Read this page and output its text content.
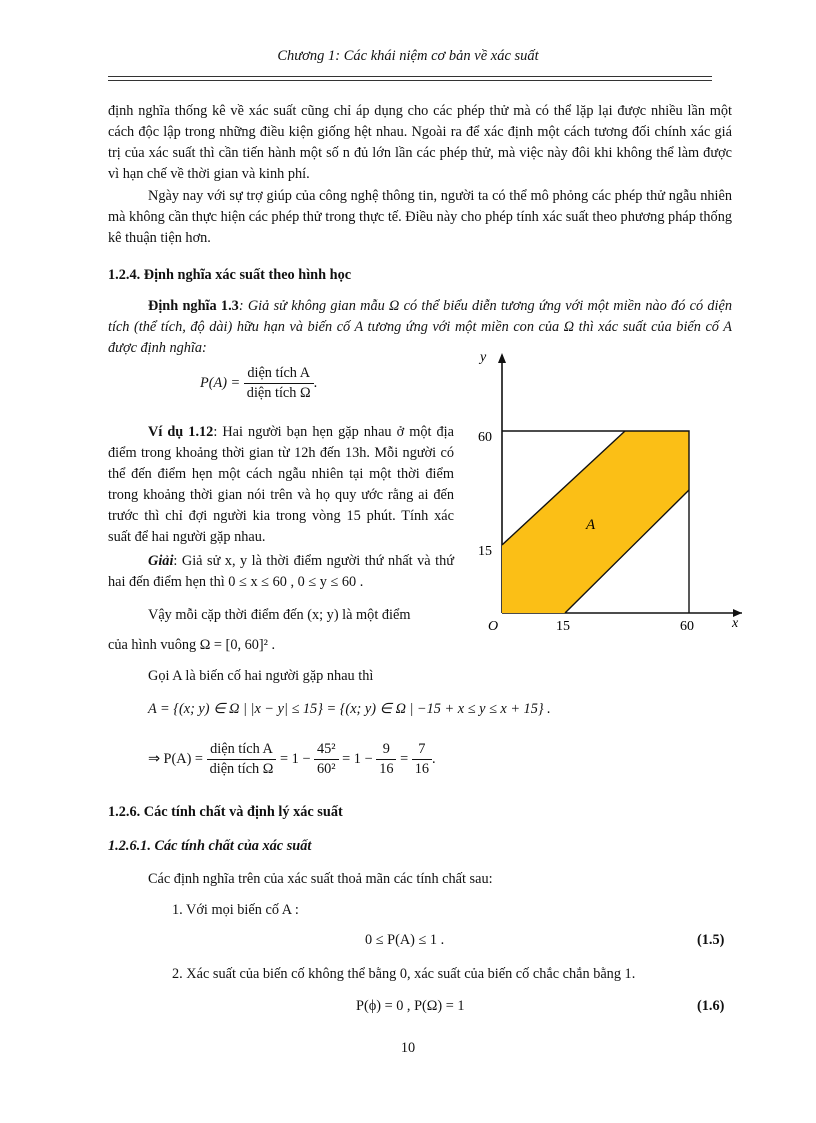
Chương 1: Các khái niệm cơ bản về xác suất
định nghĩa thống kê về xác suất cũng chỉ áp dụng cho các phép thử mà có thể lặp lại được nhiều lần một cách độc lập trong những điều kiện giống hệt nhau. Ngoài ra để xác định một cách tương đối chính xác giá trị của xác suất thì cần tiến hành một số n đủ lớn lần các phép thử, mà việc này đôi khi không thể làm được vì hạn chế về thời gian và kinh phí.
Ngày nay với sự trợ giúp của công nghệ thông tin, người ta có thể mô phỏng các phép thử ngẫu nhiên mà không cần thực hiện các phép thử trong thực tế. Điều này cho phép tính xác suất theo phương pháp thống kê thuận tiện hơn.
1.2.4. Định nghĩa xác suất theo hình học
Định nghĩa 1.3: Giả sử không gian mẫu Ω có thể biểu diễn tương ứng với một miền nào đó có diện tích (thể tích, độ dài) hữu hạn và biến cố A tương ứng với một miền con của Ω thì xác suất của biến cố A được định nghĩa:
$P(A) = \frac{\text{diện tích A}}{\text{diện tích Ω}}$ .
Ví dụ 1.12: Hai người bạn hẹn gặp nhau ở một địa điểm trong khoảng thời gian từ 12h đến 13h. Mỗi người có thể đến điểm hẹn một cách ngẫu nhiên tại một thời điểm trong khoảng thời gian nói trên và họ quy ước rằng ai đến trước thì chỉ đợi người kia trong vòng 15 phút. Tính xác suất để hai người gặp nhau.
Giải: Giả sử x, y là thời điểm người thứ nhất và thứ hai đến điểm hẹn thì 0 ≤ x ≤ 60 , 0 ≤ y ≤ 60 .
Vậy mỗi cặp thời điểm đến (x; y) là một điểm
của hình vuông Ω = [0, 60]² .
y
x
O
60
15
15	60
A
Gọi A là biến cố hai người gặp nhau thì
A = {(x; y) ∈ Ω | |x − y| ≤ 15} = {(x; y) ∈ Ω | −15 + x ≤ y ≤ x + 15} .
⇒ $P(A) = \frac{\text{diện tích A}}{\text{diện tích Ω}} = 1 - \frac{\text{45²}}{\text{60²}} = 1 - \frac{9}{16} = \frac{7}{16}$ .
1.2.6. Các tính chất và định lý xác suất
1.2.6.1. Các tính chất của xác suất
Các định nghĩa trên của xác suất thoả mãn các tính chất sau:
1. Với mọi biến cố A :
0 ≤ P(A) ≤ 1 .	(1.5)
2. Xác suất của biến cố không thể bằng 0, xác suất của biến cố chắc chắn bằng 1.
P(ϕ) = 0 , P(Ω) = 1	(1.6)
10
